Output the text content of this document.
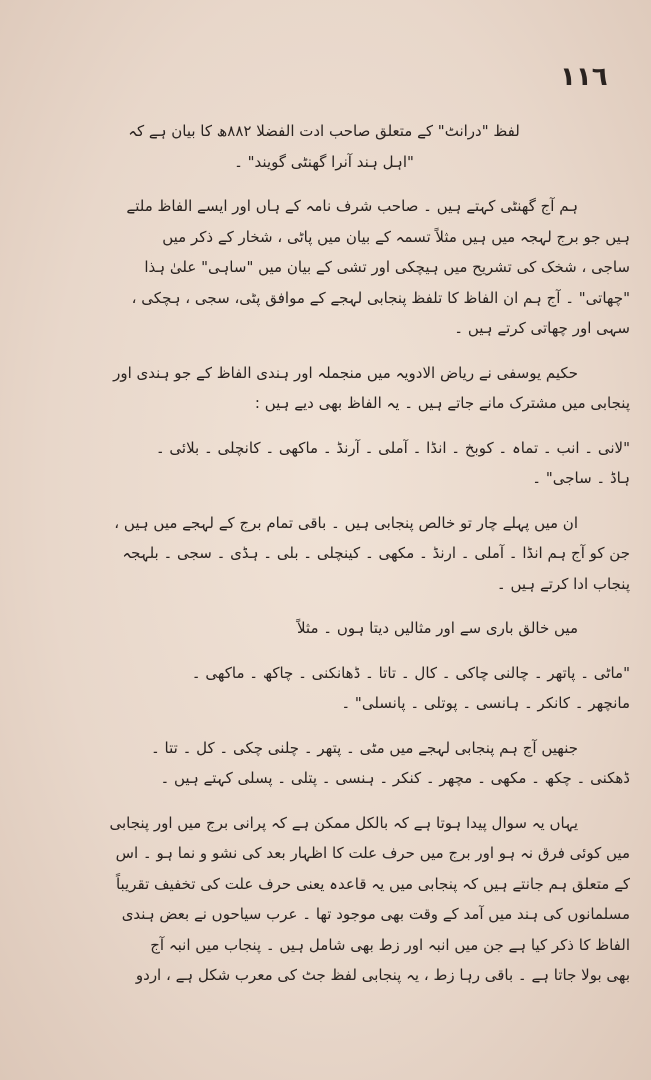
۱۱٦
لفظ "درانٹ" کے متعلق صاحب ادت الفضلا ۸۸۲ھ کا بیان ہے کہ
"اہل ہند آنرا گھنٹی گویند" ۔
ہم آج گھنٹی کہتے ہیں ۔ صاحب شرف نامہ کے ہاں اور ایسے الفاظ ملتے
ہیں جو برج لہجہ میں ہیں مثلاً تسمہ کے بیان میں پاٹی ، شخار کے ذکر میں
ساجی ، شخک کی تشریح میں ہیچکی اور تشی کے بیان میں "ساہی" علیٰ ہذا
"چھاتی" ۔ آج ہم ان الفاظ کا تلفظ پنجابی لہجے کے موافق پٹی، سجی ، ہچکی ،
سہی اور چھاتی کرتے ہیں ۔
حکیم یوسفی نے ریاض الادویہ میں منجملہ اور ہندی الفاظ کے جو ہندی اور
پنجابی میں مشترک مانے جاتے ہیں ۔ یہ الفاظ بھی دیے ہیں :
"لانی ۔ انب ۔ تماہ ۔ کوبخ ۔ انڈا ۔ آملی ۔ آرنڈ ۔ ماکھی ۔ کانچلی ۔ بلائی ۔
ہاڈ ۔ ساجی" ۔
ان میں پہلے چار تو خالص پنجابی ہیں ۔ باقی تمام برج کے لہجے میں ہیں ،
جن کو آج ہم انڈا ۔ آملی ۔ ارنڈ ۔ مکھی ۔ کینچلی ۔ بلی ۔ ہڈی ۔ سجی ۔ بلہجہ
پنجاب ادا کرتے ہیں ۔
میں خالق باری سے اور مثالیں دیتا ہوں ۔ مثلاً
"ماٹی ۔ پاتھر ۔ چالنی چاکی ۔ کال ۔ تاتا ۔ ڈھانکنی ۔ چاکھ ۔ ماکھی ۔
مانچھر ۔ کانکر ۔ ہانسی ۔ پوتلی ۔ پانسلی" ۔
جنھیں آج ہم پنجابی لہجے میں مٹی ۔ پتھر ۔ چلنی چکی ۔ کل ۔ تتا ۔
ڈھکنی ۔ چکھ ۔ مکھی ۔ مچھر ۔ کنکر ۔ ہنسی ۔ پتلی ۔ پسلی کہتے ہیں ۔
یہاں یہ سوال پیدا ہوتا ہے کہ بالکل ممکن ہے کہ پرانی برج میں اور پنجابی
میں کوئی فرق نہ ہو اور برج میں حرف علت کا اظہار بعد کی نشو و نما ہو ۔ اس
کے متعلق ہم جانتے ہیں کہ پنجابی میں یہ قاعدہ یعنی حرف علت کی تخفیف تقریباً
مسلمانوں کی ہند میں آمد کے وقت بھی موجود تھا ۔ عرب سیاحوں نے بعض ہندی
الفاظ کا ذکر کیا ہے جن میں انبہ اور زط بھی شامل ہیں ۔ پنجاب میں انبہ آج
بھی بولا جاتا ہے ۔ باقی رہا زط ، یہ پنجابی لفظ جٹ کی معرب شکل ہے ، اردو
